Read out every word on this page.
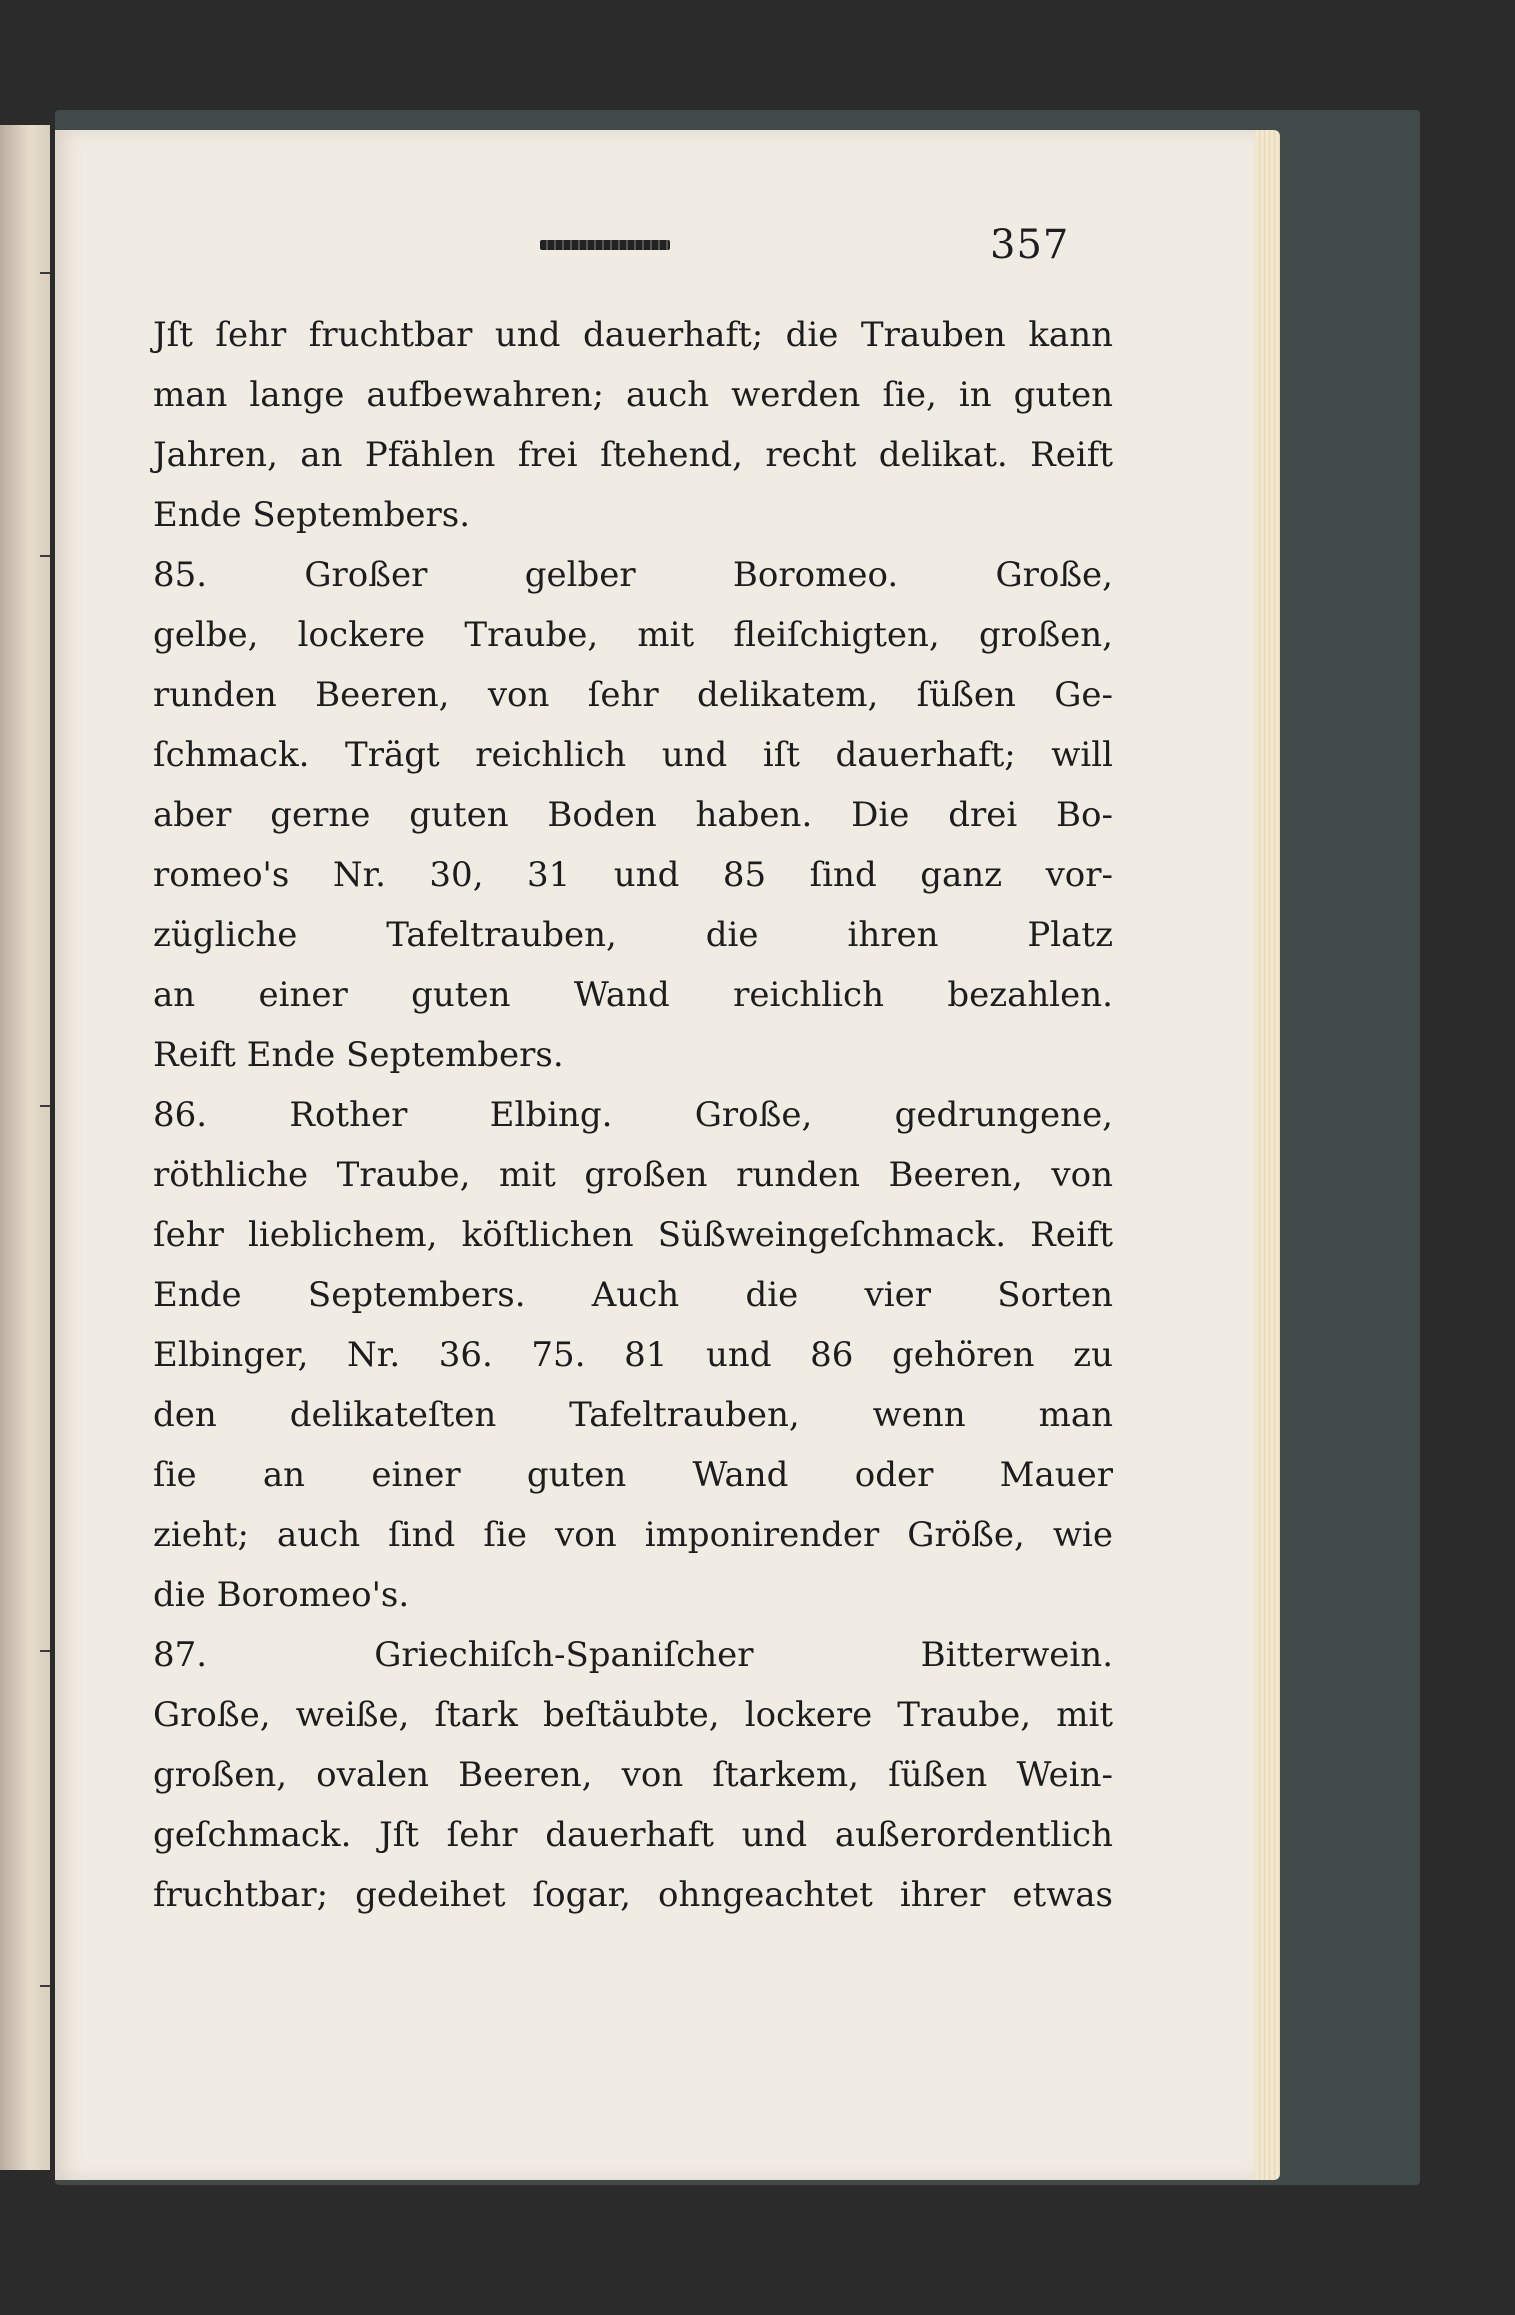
357
Jſt ſehr fruchtbar und dauerhaft; die Trauben kann
man lange aufbewahren; auch werden ſie, in guten
Jahren, an Pfählen frei ſtehend, recht delikat. Reift
Ende Septembers.
85. Großer gelber Boromeo. Große,
gelbe, lockere Traube, mit fleiſchigten, großen,
runden Beeren, von ſehr delikatem, ſüßen Ge-
ſchmack. Trägt reichlich und iſt dauerhaft; will
aber gerne guten Boden haben. Die drei Bo-
romeo's Nr. 30, 31 und 85 ſind ganz vor-
zügliche Tafeltrauben, die ihren Platz
an einer guten Wand reichlich bezahlen.
Reift Ende Septembers.
86. Rother Elbing. Große, gedrungene,
röthliche Traube, mit großen runden Beeren, von
ſehr lieblichem, köſtlichen Süßweingeſchmack. Reift
Ende Septembers. Auch die vier Sorten
Elbinger, Nr. 36. 75. 81 und 86 gehören zu
den delikateſten Tafeltrauben, wenn man
ſie an einer guten Wand oder Mauer
zieht; auch ſind ſie von imponirender Größe, wie
die Boromeo's.
87. Griechiſch-Spaniſcher Bitterwein.
Große, weiße, ſtark beſtäubte, lockere Traube, mit
großen, ovalen Beeren, von ſtarkem, ſüßen Wein-
geſchmack. Jſt ſehr dauerhaft und außerordentlich
fruchtbar; gedeihet ſogar, ohngeachtet ihrer etwas
